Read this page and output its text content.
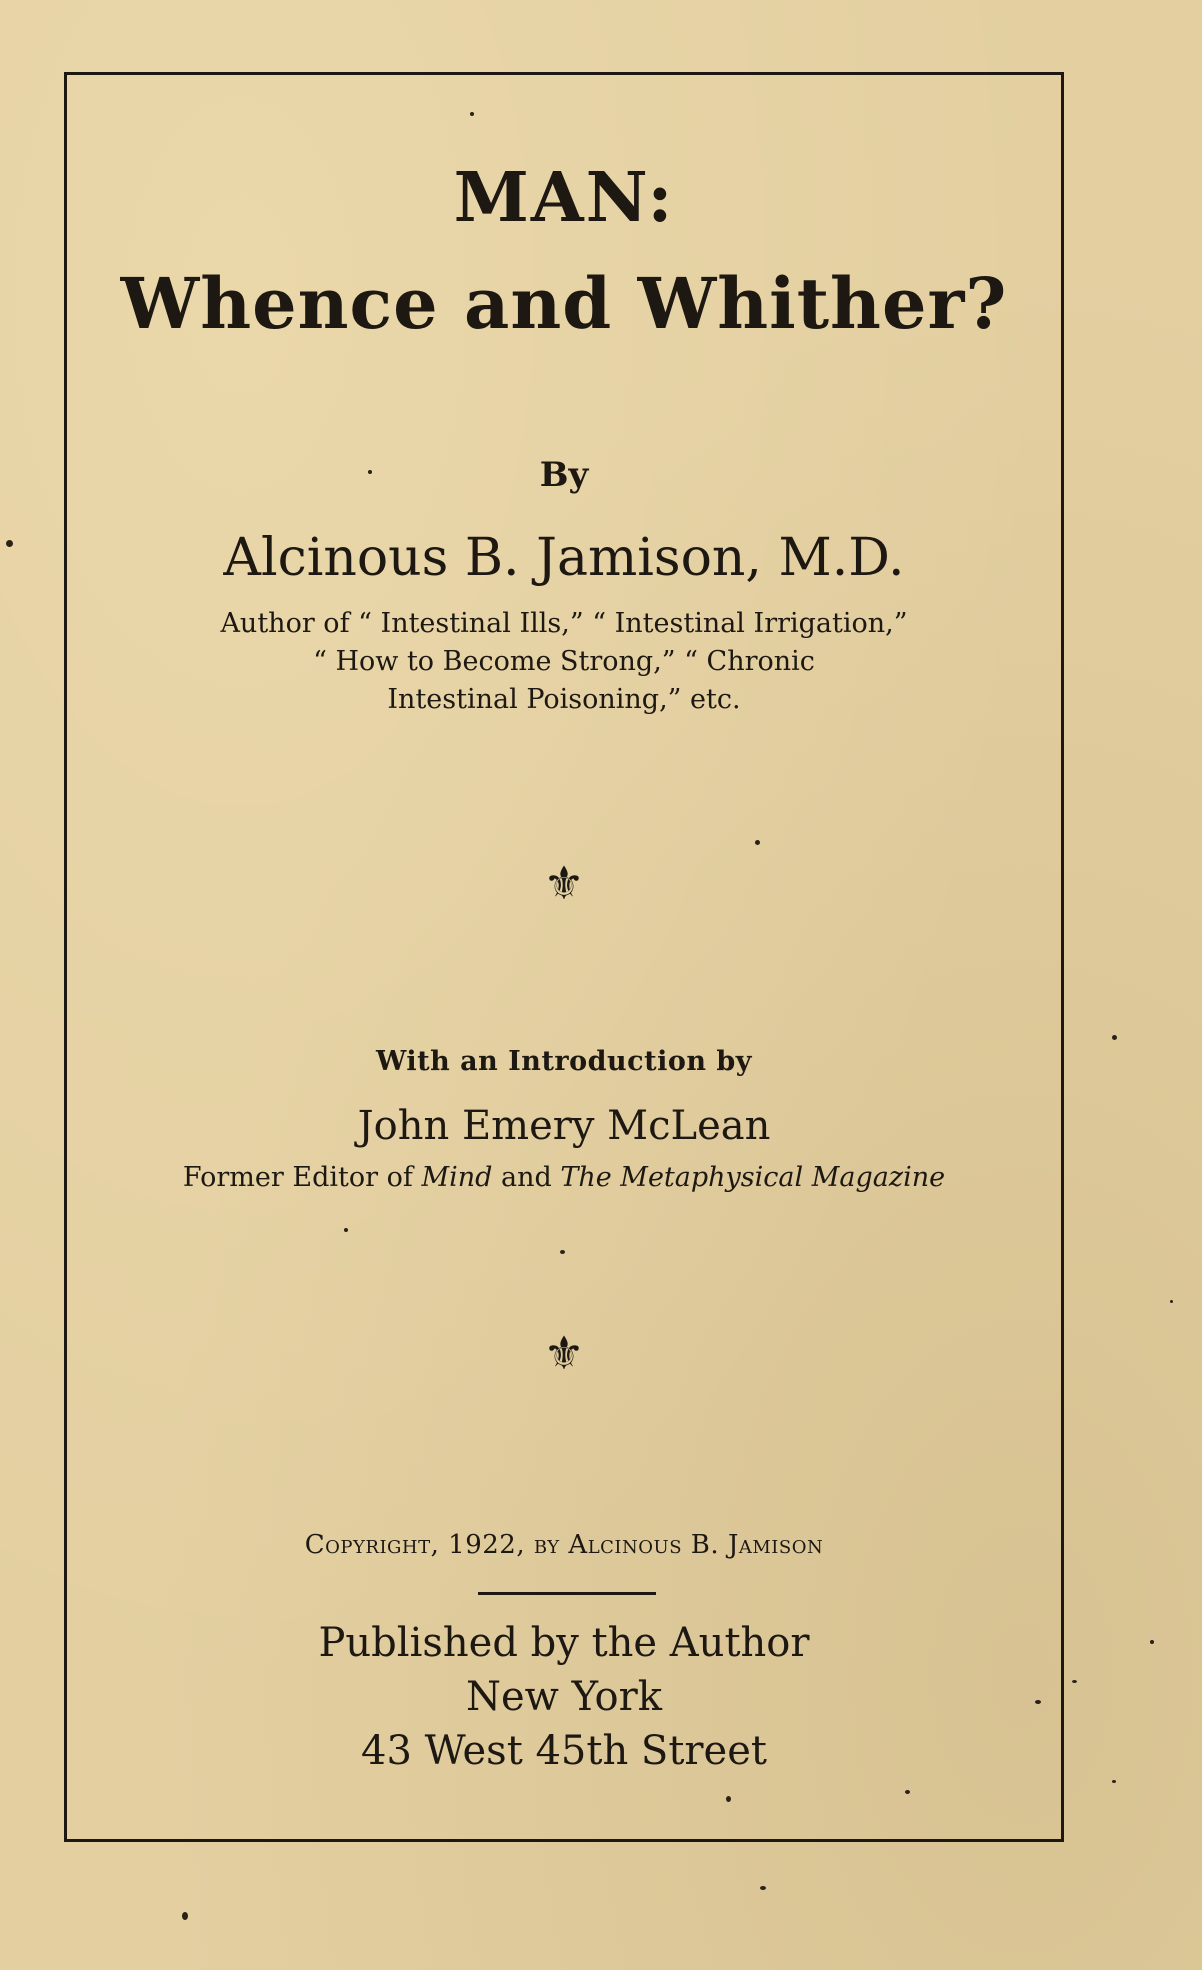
MAN:
Whence and Whither?
By
Alcinous B. Jamison, M.D.
Author of “ Intestinal Ills,” “ Intestinal Irrigation,”
“ How to Become Strong,” “ Chronic
Intestinal Poisoning,” etc.
⚜
With an Introduction by
John Emery McLean
Former Editor of Mind and The Metaphysical Magazine
⚜
Copyright, 1922, by Alcinous B. Jamison
Published by the Author
New York
43 West 45th Street
